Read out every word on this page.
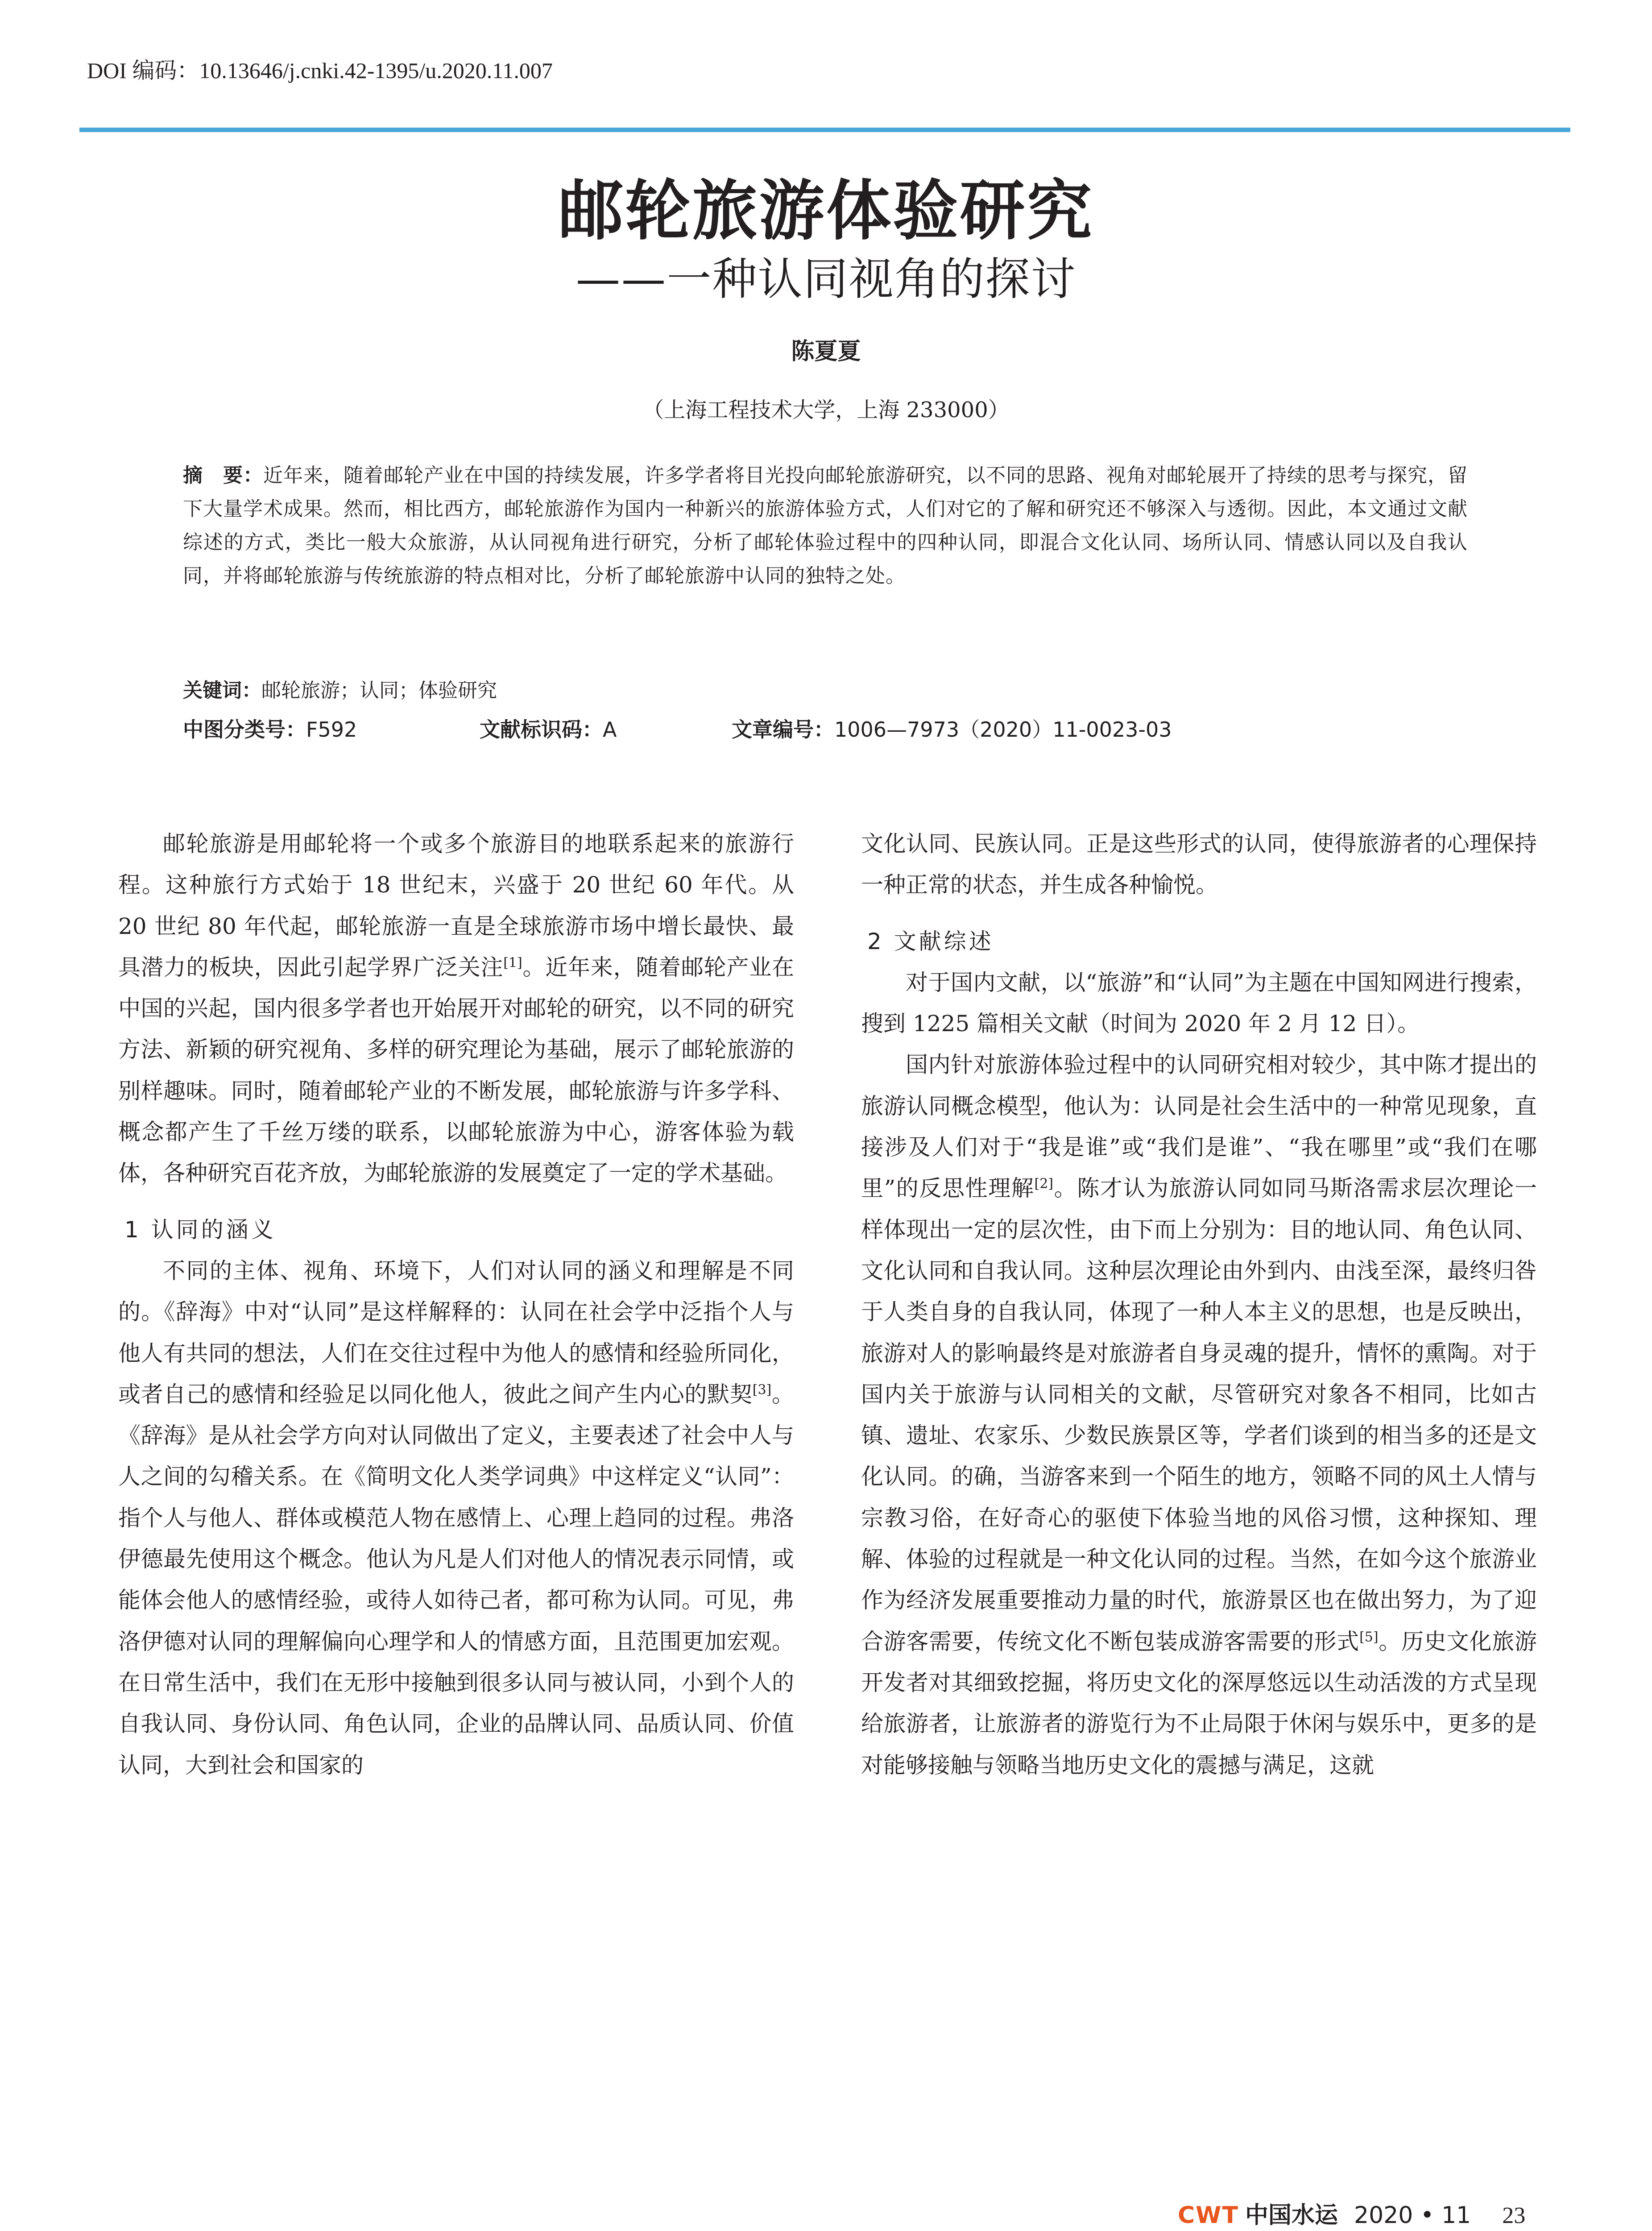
DOI 编码：10.13646/j.cnki.42-1395/u.2020.11.007
邮轮旅游体验研究
——一种认同视角的探讨
陈夏夏
（上海工程技术大学，上海 233000）
摘　要：近年来，随着邮轮产业在中国的持续发展，许多学者将目光投向邮轮旅游研究，以不同的思路、视角对邮轮展开了持续的思考与探究，留下大量学术成果。然而，相比西方，邮轮旅游作为国内一种新兴的旅游体验方式，人们对它的了解和研究还不够深入与透彻。因此，本文通过文献综述的方式，类比一般大众旅游，从认同视角进行研究，分析了邮轮体验过程中的四种认同，即混合文化认同、场所认同、情感认同以及自我认同，并将邮轮旅游与传统旅游的特点相对比，分析了邮轮旅游中认同的独特之处。
关键词：邮轮旅游；认同；体验研究
中图分类号：F592	文献标识码：A	文章编号：1006—7973（2020）11-0023-03

邮轮旅游是用邮轮将一个或多个旅游目的地联系起来的旅游行程。这种旅行方式始于 18 世纪末，兴盛于 20 世纪 60 年代。从 20 世纪 80 年代起，邮轮旅游一直是全球旅游市场中增长最快、最具潜力的板块，因此引起学界广泛关注[1]。近年来，随着邮轮产业在中国的兴起，国内很多学者也开始展开对邮轮的研究，以不同的研究方法、新颖的研究视角、多样的研究理论为基础，展示了邮轮旅游的别样趣味。同时，随着邮轮产业的不断发展，邮轮旅游与许多学科、概念都产生了千丝万缕的联系，以邮轮旅游为中心，游客体验为载体，各种研究百花齐放，为邮轮旅游的发展奠定了一定的学术基础。

1 认同的涵义

不同的主体、视角、环境下，人们对认同的涵义和理解是不同的。《辞海》中对“认同”是这样解释的：认同在社会学中泛指个人与他人有共同的想法，人们在交往过程中为他人的感情和经验所同化，或者自己的感情和经验足以同化他人，彼此之间产生内心的默契[3]。《辞海》是从社会学方向对认同做出了定义，主要表述了社会中人与人之间的勾稽关系。在《简明文化人类学词典》中这样定义“认同”：指个人与他人、群体或模范人物在感情上、心理上趋同的过程。弗洛伊德最先使用这个概念。他认为凡是人们对他人的情况表示同情，或能体会他人的感情经验，或待人如待己者，都可称为认同。可见，弗洛伊德对认同的理解偏向心理学和人的情感方面，且范围更加宏观。在日常生活中，我们在无形中接触到很多认同与被认同，小到个人的自我认同、身份认同、角色认同，企业的品牌认同、品质认同、价值认同，大到社会和国家的

文化认同、民族认同。正是这些形式的认同，使得旅游者的心理保持一种正常的状态，并生成各种愉悦。

2 文献综述

对于国内文献，以“旅游”和“认同”为主题在中国知网进行搜索，搜到 1225 篇相关文献（时间为 2020 年 2 月 12 日）。

国内针对旅游体验过程中的认同研究相对较少，其中陈才提出的旅游认同概念模型，他认为：认同是社会生活中的一种常见现象，直接涉及人们对于“我是谁”或“我们是谁”、“我在哪里”或“我们在哪里”的反思性理解[2]。陈才认为旅游认同如同马斯洛需求层次理论一样体现出一定的层次性，由下而上分别为：目的地认同、角色认同、文化认同和自我认同。这种层次理论由外到内、由浅至深，最终归咎于人类自身的自我认同，体现了一种人本主义的思想，也是反映出，旅游对人的影响最终是对旅游者自身灵魂的提升，情怀的熏陶。对于国内关于旅游与认同相关的文献，尽管研究对象各不相同，比如古镇、遗址、农家乐、少数民族景区等，学者们谈到的相当多的还是文化认同。的确，当游客来到一个陌生的地方，领略不同的风土人情与宗教习俗，在好奇心的驱使下体验当地的风俗习惯，这种探知、理解、体验的过程就是一种文化认同的过程。当然，在如今这个旅游业作为经济发展重要推动力量的时代，旅游景区也在做出努力，为了迎合游客需要，传统文化不断包装成游客需要的形式[5]。历史文化旅游开发者对其细致挖掘，将历史文化的深厚悠远以生动活泼的方式呈现给旅游者，让旅游者的游览行为不止局限于休闲与娱乐中，更多的是对能够接触与领略当地历史文化的震撼与满足，这就

CWT 中国水运 2020 • 11 23
